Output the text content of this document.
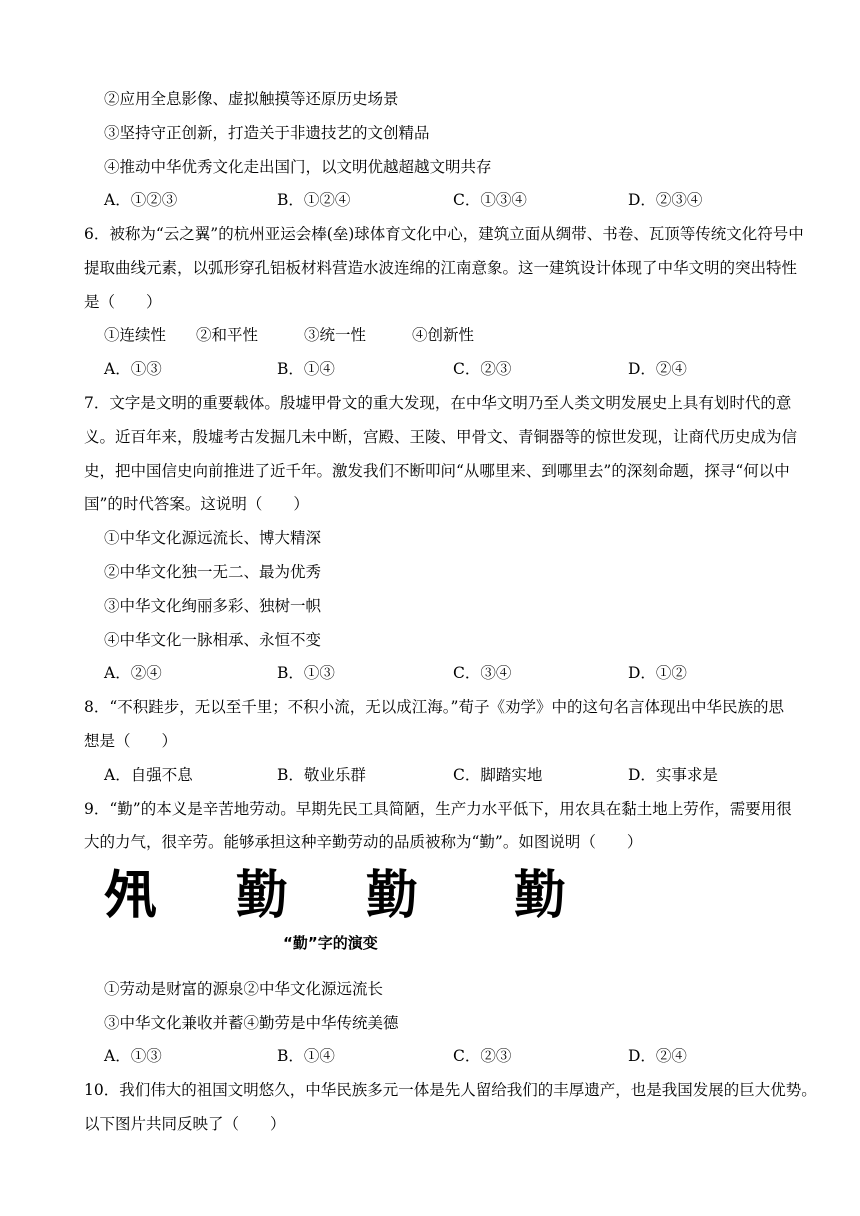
②应用全息影像、虚拟触摸等还原历史场景
③坚持守正创新，打造关于非遗技艺的文创精品
④推动中华优秀文化走出国门，以文明优越超越文明共存
A．①②③	B．①②④	C．①③④	D．②③④
6．被称为“云之翼”的杭州亚运会棒(垒)球体育文化中心，建筑立面从绸带、书卷、瓦顶等传统文化符号中
提取曲线元素，以弧形穿孔铝板材料营造水波连绵的江南意象。这一建筑设计体现了中华文明的突出特性
是（　　）
①连续性 ②和平性	③统一性	④创新性
A．①③	B．①④	C．②③	D．②④
7．文字是文明的重要载体。殷墟甲骨文的重大发现，在中华文明乃至人类文明发展史上具有划时代的意
义。近百年来，殷墟考古发掘几未中断，宫殿、王陵、甲骨文、青铜器等的惊世发现，让商代历史成为信
史，把中国信史向前推进了近千年。激发我们不断叩问“从哪里来、到哪里去”的深刻命题，探寻“何以中
国”的时代答案。这说明（　　）
①中华文化源远流长、博大精深
②中华文化独一无二、最为优秀
③中华文化绚丽多彩、独树一帜
④中华文化一脉相承、永恒不变
A．②④	B．①③	C．③④	D．①②
8．“不积跬步，无以至千里；不积小流，无以成江海。”荀子《劝学》中的这句名言体现出中华民族的思
想是（　　）
A．自强不息	B．敬业乐群	C．脚踏实地	D．实事求是
9．“勤”的本义是辛苦地劳动。早期先民工具简陋，生产力水平低下，用农具在黏土地上劳作，需要用很
大的力气，很辛劳。能够承担这种辛勤劳动的品质被称为“勤”。如图说明（　　）
𡖊 勤 勤 勤
“勤”字的演变
①劳动是财富的源泉②中华文化源远流长
③中华文化兼收并蓄④勤劳是中华传统美德
A．①③	B．①④	C．②③	D．②④
10．我们伟大的祖国文明悠久，中华民族多元一体是先人留给我们的丰厚遗产，也是我国发展的巨大优势。
以下图片共同反映了（　　）
